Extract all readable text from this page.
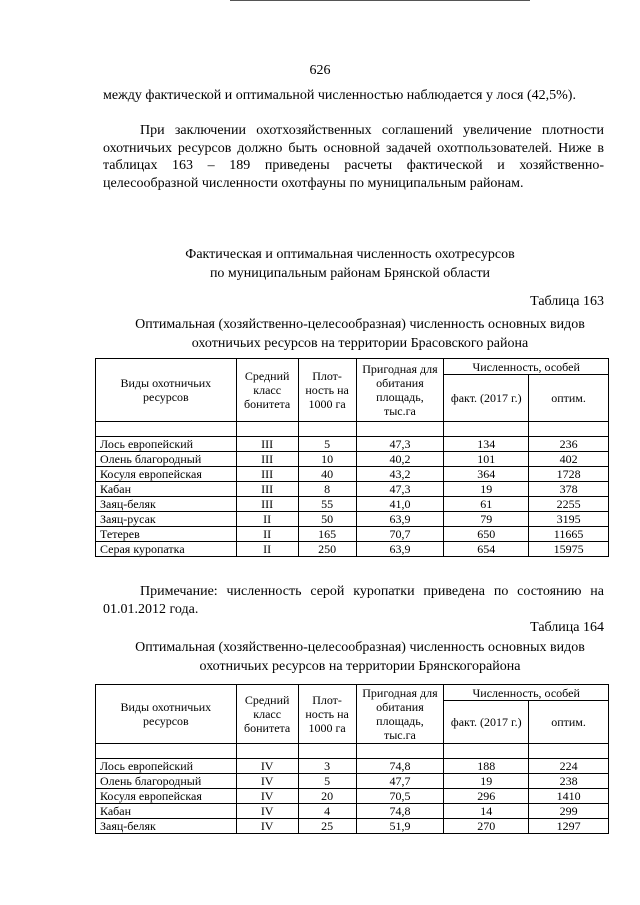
626
между фактической и оптимальной численностью наблюдается у лося (42,5%).
При заключении охотхозяйственных соглашений увеличение плотности охотничьих ресурсов должно быть основной задачей охотпользователей. Ниже в таблицах 163 – 189 приведены расчеты фактической и хозяйственно-целесообразной численности охотфауны по муниципальным районам.
Фактическая и оптимальная численность охотресурсов
по муниципальным районам Брянской области
Таблица 163
Оптимальная (хозяйственно-целесообразная) численность основных видов
охотничьих ресурсов на территории Брасовского района
Виды охотничьих ресурсов	Средний класс бонитета	Плот-ность на 1000 га	Пригодная для обитания площадь, тыс.га	Численность, особей	
				факт. (2017 г.)	оптим.

Лось европейский	III	5	47,3	134	236
Олень благородный	III	10	40,2	101	402
Косуля европейская	III	40	43,2	364	1728
Кабан	III	8	47,3	19	378
Заяц-беляк	III	55	41,0	61	2255
Заяц-русак	II	50	63,9	79	3195
Тетерев	II	165	70,7	650	11665
Серая куропатка	II	250	63,9	654	15975
Примечание: численность серой куропатки приведена по состоянию на 01.01.2012 года.
Таблица 164
Оптимальная (хозяйственно-целесообразная) численность основных видов
охотничьих ресурсов на территории Брянскогорайона
Виды охотничьих ресурсов	Средний класс бонитета	Плот-ность на 1000 га	Пригодная для обитания площадь, тыс.га	Численность, особей	
				факт. (2017 г.)	оптим.

Лось европейский	IV	3	74,8	188	224
Олень благородный	IV	5	47,7	19	238
Косуля европейская	IV	20	70,5	296	1410
Кабан	IV	4	74,8	14	299
Заяц-беляк	IV	25	51,9	270	1297
